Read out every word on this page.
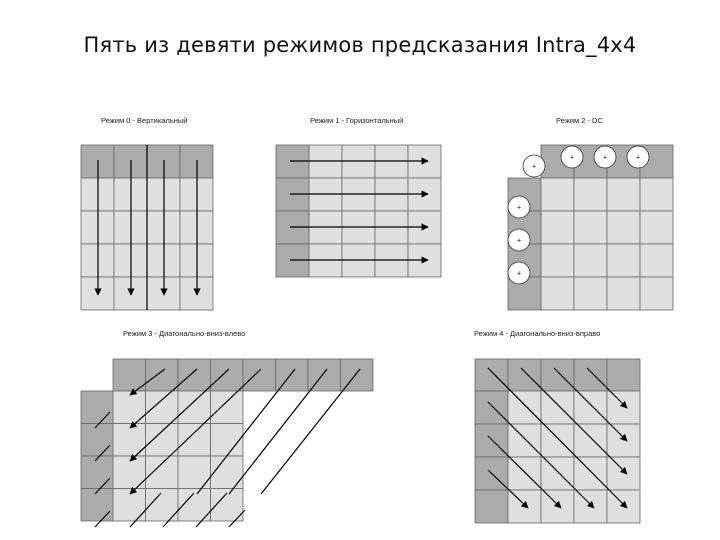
Пять из девяти режимов предсказания Intra_4x4
Режим 0 - Вертикальный	Режим 1 - Горизонтальный	Режим 2 - DC
Режим 3 - Диагонально-вниз-влево	Режим 4 - Диагонально-вниз-вправо
+
+	+	+
+
+
+
